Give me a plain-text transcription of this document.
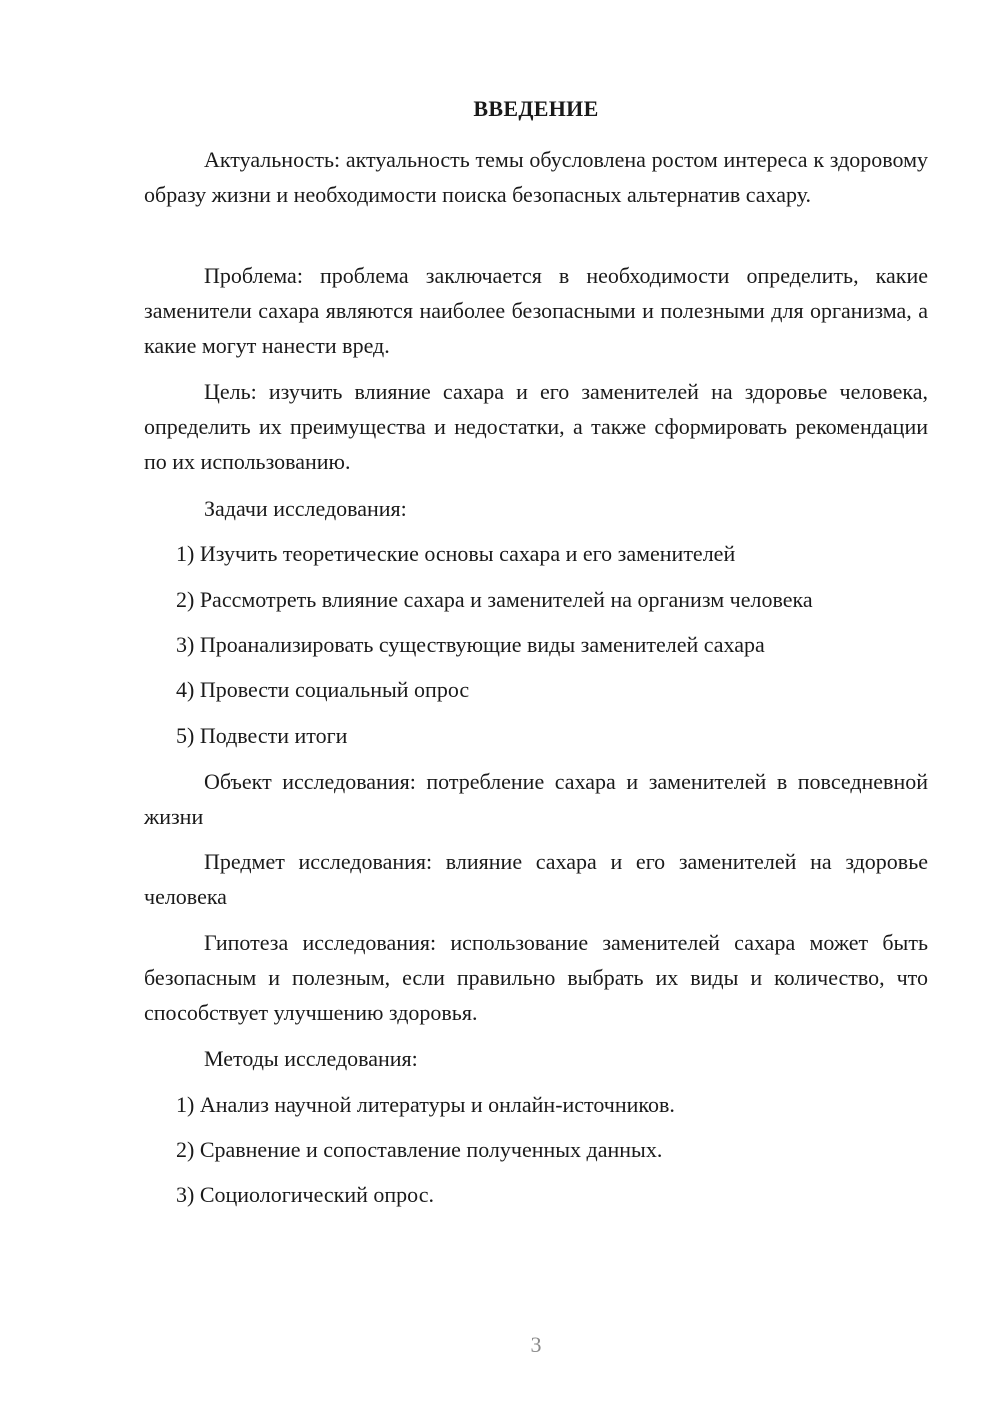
ВВЕДЕНИЕ

Актуальность: актуальность темы обусловлена ростом интереса к здоровому образу жизни и необходимости поиска безопасных альтернатив сахару.

Проблема: проблема заключается в необходимости определить, какие заменители сахара являются наиболее безопасными и полезными для организма, а какие могут нанести вред.

Цель: изучить влияние сахара и его заменителей на здоровье человека, определить их преимущества и недостатки, а также сформировать рекомендации по их использованию.

Задачи исследования:

1) Изучить теоретические основы сахара и его заменителей

2) Рассмотреть влияние сахара и заменителей на организм человека

3) Проанализировать существующие виды заменителей сахара

4) Провести социальный опрос

5) Подвести итоги

Объект исследования: потребление сахара и заменителей в повседневной жизни

Предмет исследования: влияние сахара и его заменителей на здоровье человека

Гипотеза исследования: использование заменителей сахара может быть безопасным и полезным, если правильно выбрать их виды и количество, что способствует улучшению здоровья.

Методы исследования:

1) Анализ научной литературы и онлайн-источников.

2) Сравнение и сопоставление полученных данных.

3) Социологический опрос.

3
